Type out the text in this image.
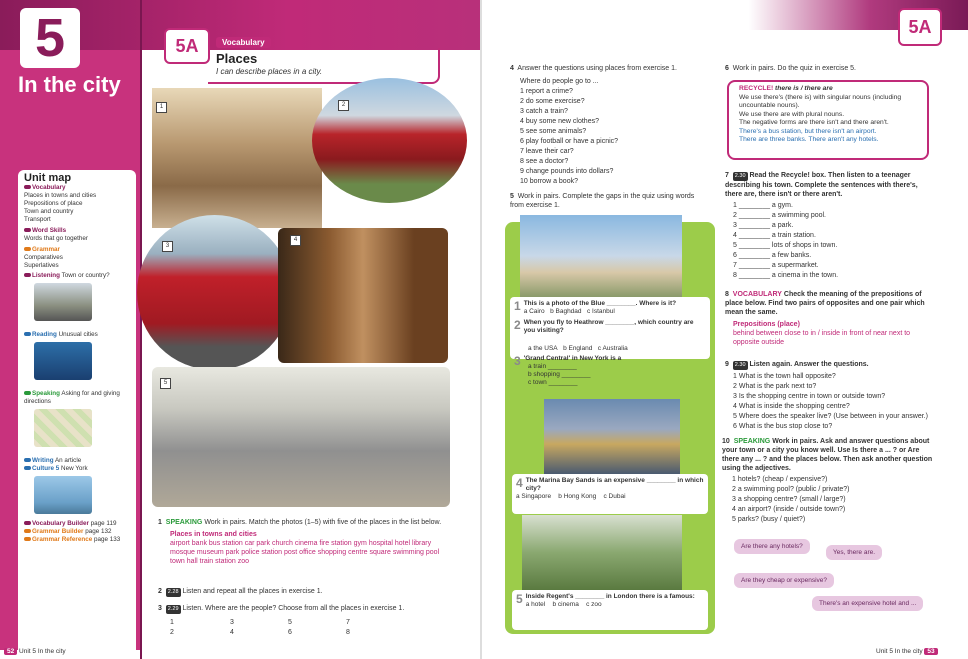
5
In the city
Unit map
Vocabulary
Places in towns and cities
Prepositions of place
Town and country
Transport
Word Skills
Words that go together
Grammar
Comparatives
Superlatives
Listening Town or country?
Reading Unusual cities
Speaking Asking for and giving directions
Writing An article
Culture 5 New York
Vocabulary Builder page 119
Grammar Builder page 132
Grammar Reference page 133
5A	Vocabulary
Places
I can describe places in a city.
1	2
3
4
5
1 SPEAKING Work in pairs. Match the photos (1–5) with five of the places in the list below.
Places in towns and cities
airport bank bus station car park church cinema fire station gym hospital hotel library mosque museum park police station post office shopping centre square swimming pool town hall train station zoo
2 2.28 Listen and repeat all the places in exercise 1.
3 2.29 Listen. Where are the people? Choose from all the places in exercise 1.
1
2
3
4
5
6
7
8
52 Unit 5 In the city
5A
4 Answer the questions using places from exercise 1.
Where do people go to ...
1 report a crime?
2 do some exercise?
3 catch a train?
4 buy some new clothes?
5 see some animals?
6 play football or have a picnic?
7 leave their car?
8 see a doctor?
9 change pounds into dollars?
10 borrow a book?
5 Work in pairs. Complete the gaps in the quiz using words from exercise 1.
1 This is a photo of the Blue ________. Where is it?
a Cairo b Baghdad c Istanbul
2 When you fly to Heathrow ________, which country are you visiting?
a the USA b England c Australia
3 'Grand Central' in New York is a
a train ________
b shopping ________
c town ________
4 The Marina Bay Sands is an expensive ________ in which city?
a Singapore b Hong Kong c Dubai
5 Inside Regent's ________ in London there is a famous:
a hotel b cinema c zoo
6 Work in pairs. Do the quiz in exercise 5.
RECYCLE! there is / there are
We use there's (there is) with singular nouns (including uncountable nouns).
We use there are with plural nouns.
The negative forms are there isn't and there aren't.
There's a bus station, but there isn't an airport.
There are three banks. There aren't any hotels.
7 2.30 Read the Recycle! box. Then listen to a teenager describing his town. Complete the sentences with there's, there are, there isn't or there aren't.
1 ________ a gym.
2 ________ a swimming pool.
3 ________ a park.
4 ________ a train station.
5 ________ lots of shops in town.
6 ________ a few banks.
7 ________ a supermarket.
8 ________ a cinema in the town.
8 VOCABULARY Check the meaning of the prepositions of place below. Find two pairs of opposites and one pair which mean the same.
Prepositions (place)
behind between close to in / inside in front of near next to opposite outside
9 2.30 Listen again. Answer the questions.
1 What is the town hall opposite?
2 What is the park next to?
3 Is the shopping centre in town or outside town?
4 What is inside the shopping centre?
5 Where does the speaker live? (Use between in your answer.)
6 What is the bus stop close to?
10 SPEAKING Work in pairs. Ask and answer questions about your town or a city you know well. Use Is there a ... ? or Are there any ... ? and the places below. Then ask another question using the adjectives.
1 hotels? (cheap / expensive?)
2 a swimming pool? (public / private?)
3 a shopping centre? (small / large?)
4 an airport? (inside / outside town?)
5 parks? (busy / quiet?)
Are there any hotels?
Yes, there are.
Are they cheap or expensive?
There's an expensive hotel and ...
Unit 5 In the city 53
